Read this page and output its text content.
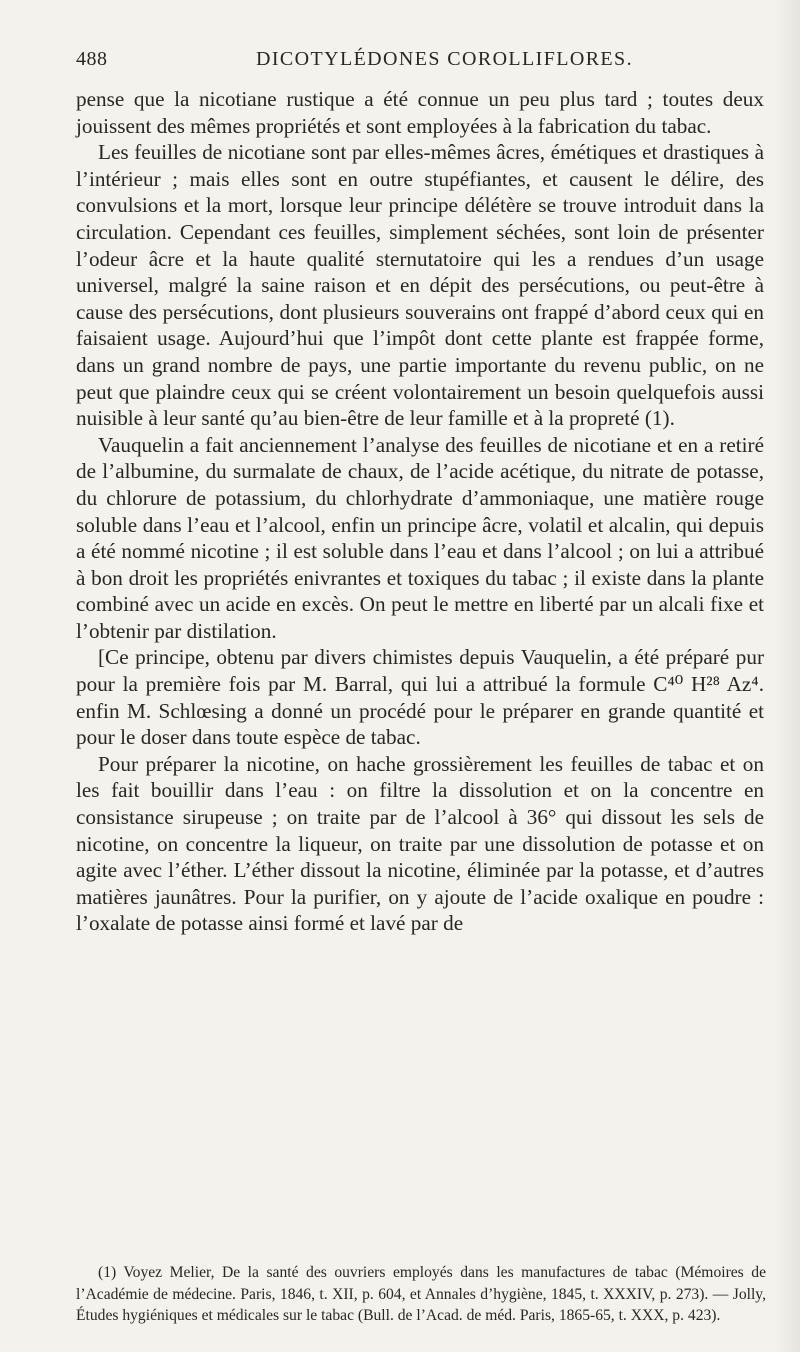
488	DICOTYLÉDONES COROLLIFLORES.

pense que la nicotiane rustique a été connue un peu plus tard ; toutes deux jouissent des mêmes propriétés et sont employées à la fabrication du tabac.

Les feuilles de nicotiane sont par elles-mêmes âcres, émétiques et drastiques à l’intérieur ; mais elles sont en outre stupéfiantes, et causent le délire, des convulsions et la mort, lorsque leur principe délétère se trouve introduit dans la circulation. Cependant ces feuilles, simplement séchées, sont loin de présenter l’odeur âcre et la haute qualité sternutatoire qui les a rendues d’un usage universel, malgré la saine raison et en dépit des persécutions, ou peut-être à cause des persécutions, dont plusieurs souverains ont frappé d’abord ceux qui en faisaient usage. Aujourd’hui que l’impôt dont cette plante est frappée forme, dans un grand nombre de pays, une partie importante du revenu public, on ne peut que plaindre ceux qui se créent volontairement un besoin quelquefois aussi nuisible à leur santé qu’au bien-être de leur famille et à la propreté (1).

Vauquelin a fait anciennement l’analyse des feuilles de nicotiane et en a retiré de l’albumine, du surmalate de chaux, de l’acide acétique, du nitrate de potasse, du chlorure de potassium, du chlorhydrate d’ammoniaque, une matière rouge soluble dans l’eau et l’alcool, enfin un principe âcre, volatil et alcalin, qui depuis a été nommé nicotine ; il est soluble dans l’eau et dans l’alcool ; on lui a attribué à bon droit les propriétés enivrantes et toxiques du tabac ; il existe dans la plante combiné avec un acide en excès. On peut le mettre en liberté par un alcali fixe et l’obtenir par distilation.

[Ce principe, obtenu par divers chimistes depuis Vauquelin, a été préparé pur pour la première fois par M. Barral, qui lui a attribué la formule C⁴⁰ H²⁸ Az⁴. enfin M. Schlœsing a donné un procédé pour le préparer en grande quantité et pour le doser dans toute espèce de tabac.

Pour préparer la nicotine, on hache grossièrement les feuilles de tabac et on les fait bouillir dans l’eau : on filtre la dissolution et on la concentre en consistance sirupeuse ; on traite par de l’alcool à 36° qui dissout les sels de nicotine, on concentre la liqueur, on traite par une dissolution de potasse et on agite avec l’éther. L’éther dissout la nicotine, éliminée par la potasse, et d’autres matières jaunâtres. Pour la purifier, on y ajoute de l’acide oxalique en poudre : l’oxalate de potasse ainsi formé et lavé par de

(1) Voyez Melier, De la santé des ouvriers employés dans les manufactures de tabac (Mémoires de l’Académie de médecine. Paris, 1846, t. XII, p. 604, et Annales d’hygiène, 1845, t. XXXIV, p. 273). — Jolly, Études hygiéniques et médicales sur le tabac (Bull. de l’Acad. de méd. Paris, 1865-65, t. XXX, p. 423).
